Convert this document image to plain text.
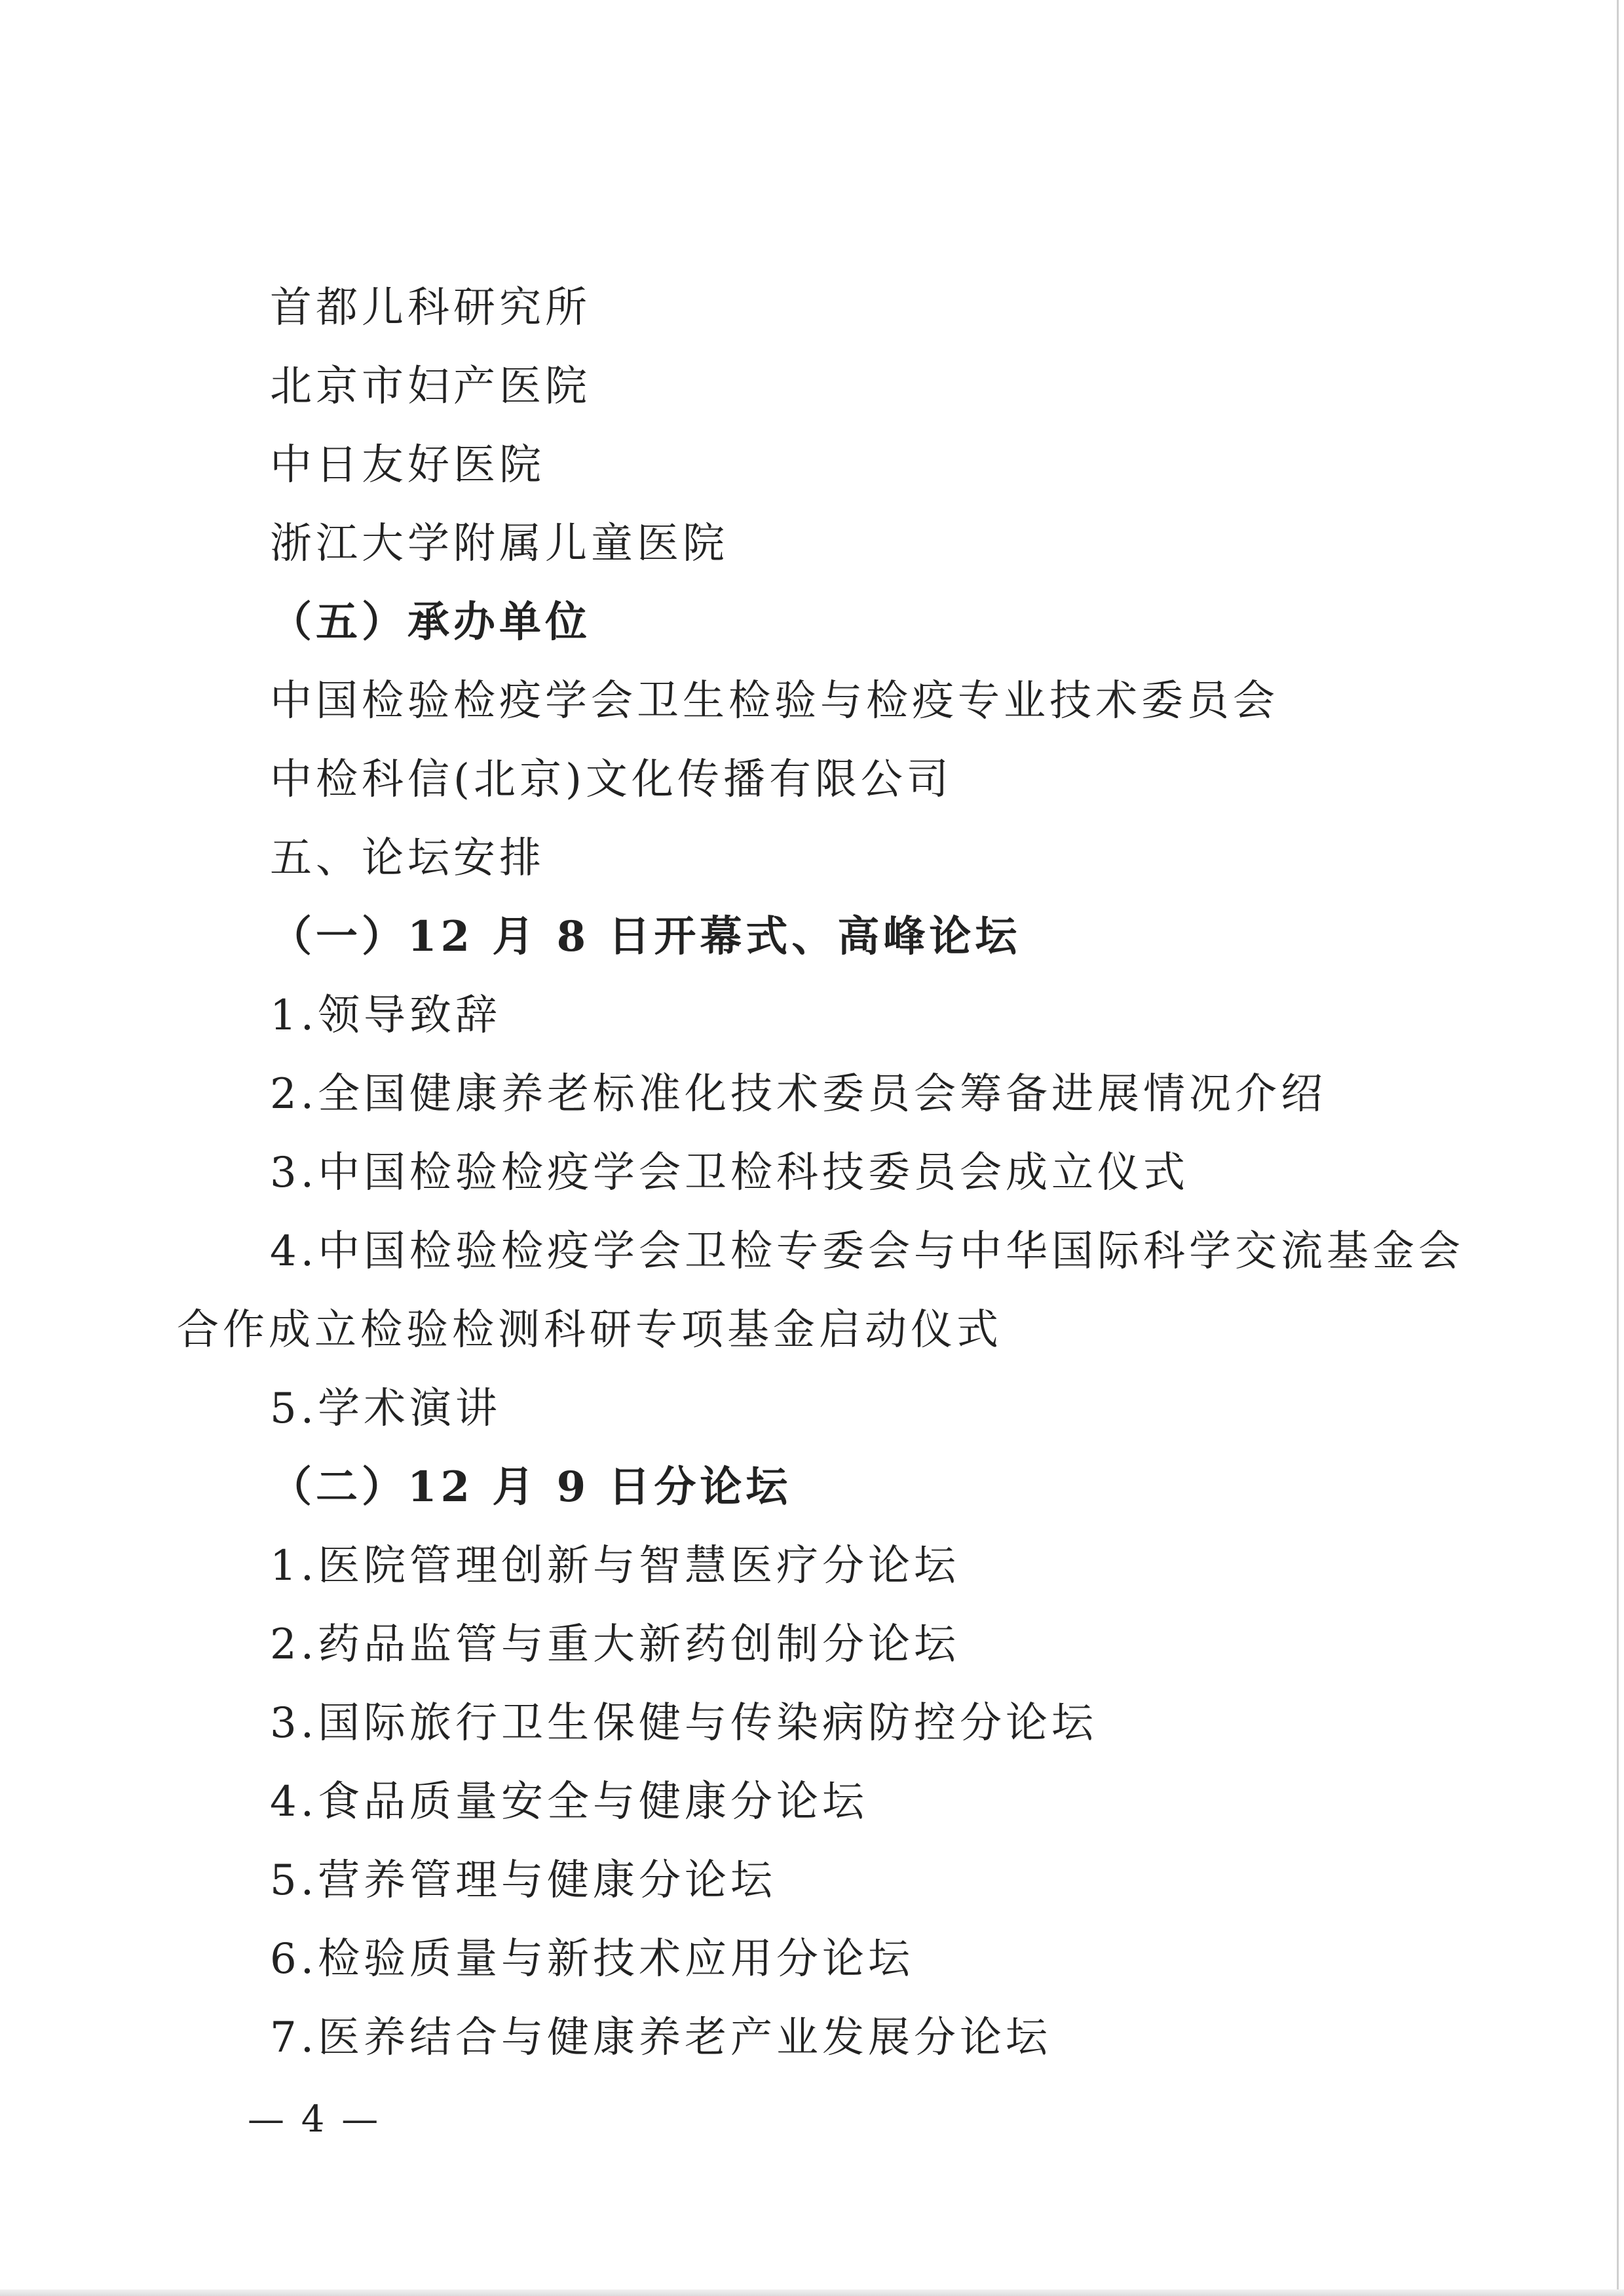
首都儿科研究所
北京市妇产医院
中日友好医院
浙江大学附属儿童医院
（五）承办单位
中国检验检疫学会卫生检验与检疫专业技术委员会
中检科信(北京)文化传播有限公司
五、论坛安排
（一）12 月 8 日开幕式、高峰论坛
1.领导致辞
2.全国健康养老标准化技术委员会筹备进展情况介绍
3.中国检验检疫学会卫检科技委员会成立仪式
4.中国检验检疫学会卫检专委会与中华国际科学交流基金会
合作成立检验检测科研专项基金启动仪式
5.学术演讲
（二）12 月 9 日分论坛
1.医院管理创新与智慧医疗分论坛
2.药品监管与重大新药创制分论坛
3.国际旅行卫生保健与传染病防控分论坛
4.食品质量安全与健康分论坛
5.营养管理与健康分论坛
6.检验质量与新技术应用分论坛
7.医养结合与健康养老产业发展分论坛
— 4 —
